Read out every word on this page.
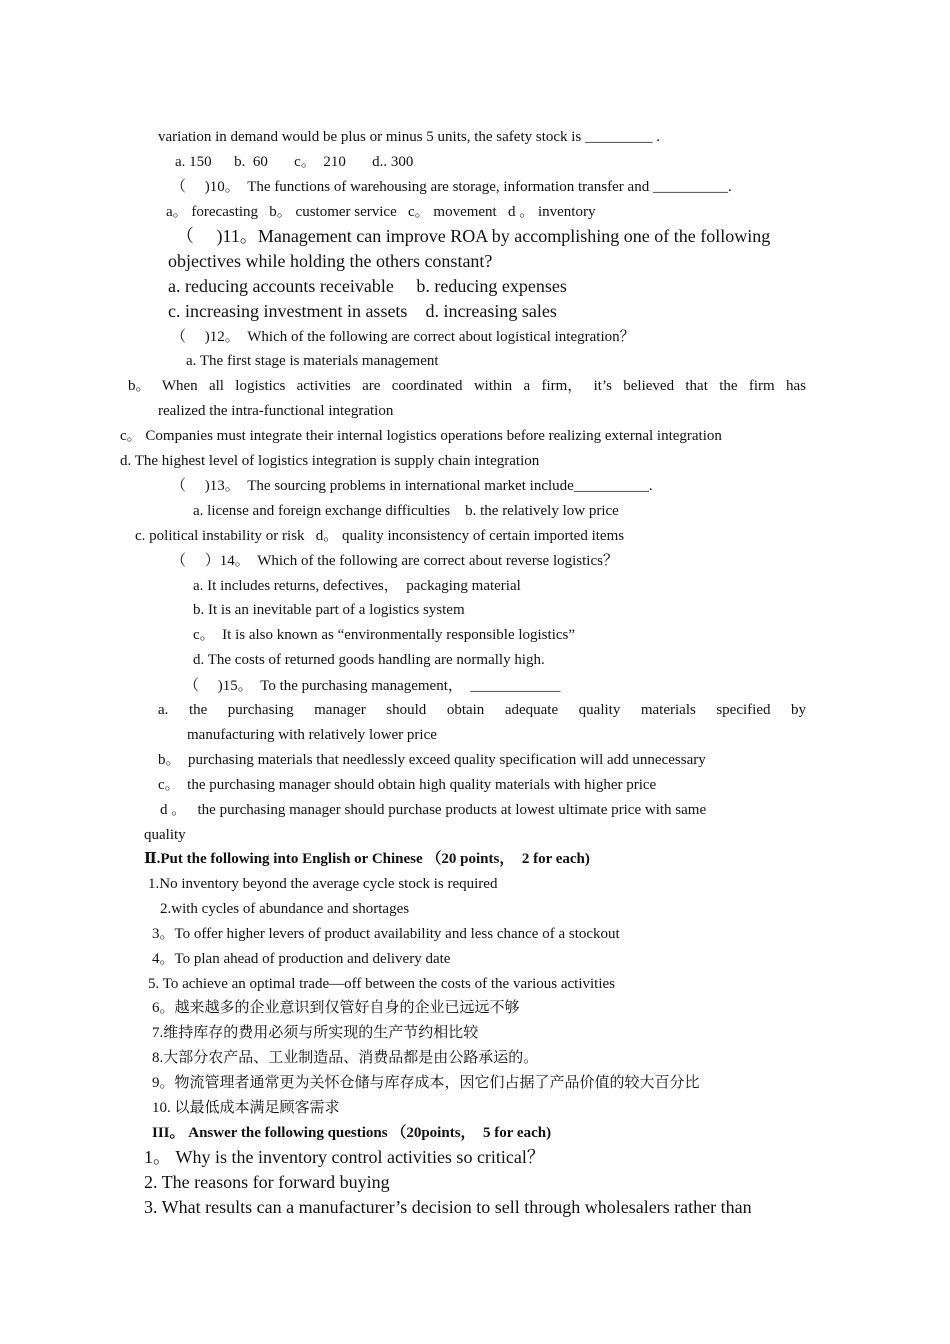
variation in demand would be plus or minus 5 units, the safety stock is _________ .
a. 150      b.  60       c。  210       d.. 300
（     )10。  The functions of warehousing are storage, information transfer and __________.
a。 forecasting   b。 customer service   c。 movement   d 。 inventory
（     )11。Management can improve ROA by accomplishing one of the following
objectives while holding the others constant?
a. reducing accounts receivable     b. reducing expenses
c. increasing investment in assets    d. increasing sales
（     )12。  Which of the following are correct about logistical integration？
a. The first stage is materials management
b。 When all logistics activities are coordinated within a firm， it’s believed that the firm has
realized the intra-functional integration
c。 Companies must integrate their internal logistics operations before realizing external integration
d. The highest level of logistics integration is supply chain integration
（     )13。  The sourcing problems in international market include__________.
a. license and foreign exchange difficulties    b. the relatively low price
c. political instability or risk   d。 quality inconsistency of certain imported items
（     ）14。  Which of the following are correct about reverse logistics？
a. It includes returns, defectives，  packaging material
b. It is an inevitable part of a logistics system
c。  It is also known as “environmentally responsible logistics”
d. The costs of returned goods handling are normally high.
（     )15。  To the purchasing management，  ____________
a. the purchasing manager should obtain adequate quality materials specified by
manufacturing with relatively lower price
b。  purchasing materials that needlessly exceed quality specification will add unnecessary
c。  the purchasing manager should obtain high quality materials with higher price
d 。   the purchasing manager should purchase products at lowest ultimate price with same
quality
Ⅱ.Put the following into English or Chinese （20 points，  2 for each)
1.No inventory beyond the average cycle stock is required
2.with cycles of abundance and shortages
3。To offer higher levers of product availability and less chance of a stockout
4。To plan ahead of production and delivery date
5. To achieve an optimal trade—off between the costs of the various activities
6。越来越多的企业意识到仅管好自身的企业已远远不够
7.维持库存的费用必须与所实现的生产节约相比较
8.大部分农产品、工业制造品、消费品都是由公路承运的。
9。物流管理者通常更为关怀仓储与库存成本，因它们占据了产品价值的较大百分比
10. 以最低成本满足顾客需求
III。 Answer the following questions （20points，  5 for each)
1。 Why is the inventory control activities so critical？
2. The reasons for forward buying
3. What results can a manufacturer’s decision to sell through wholesalers rather than
